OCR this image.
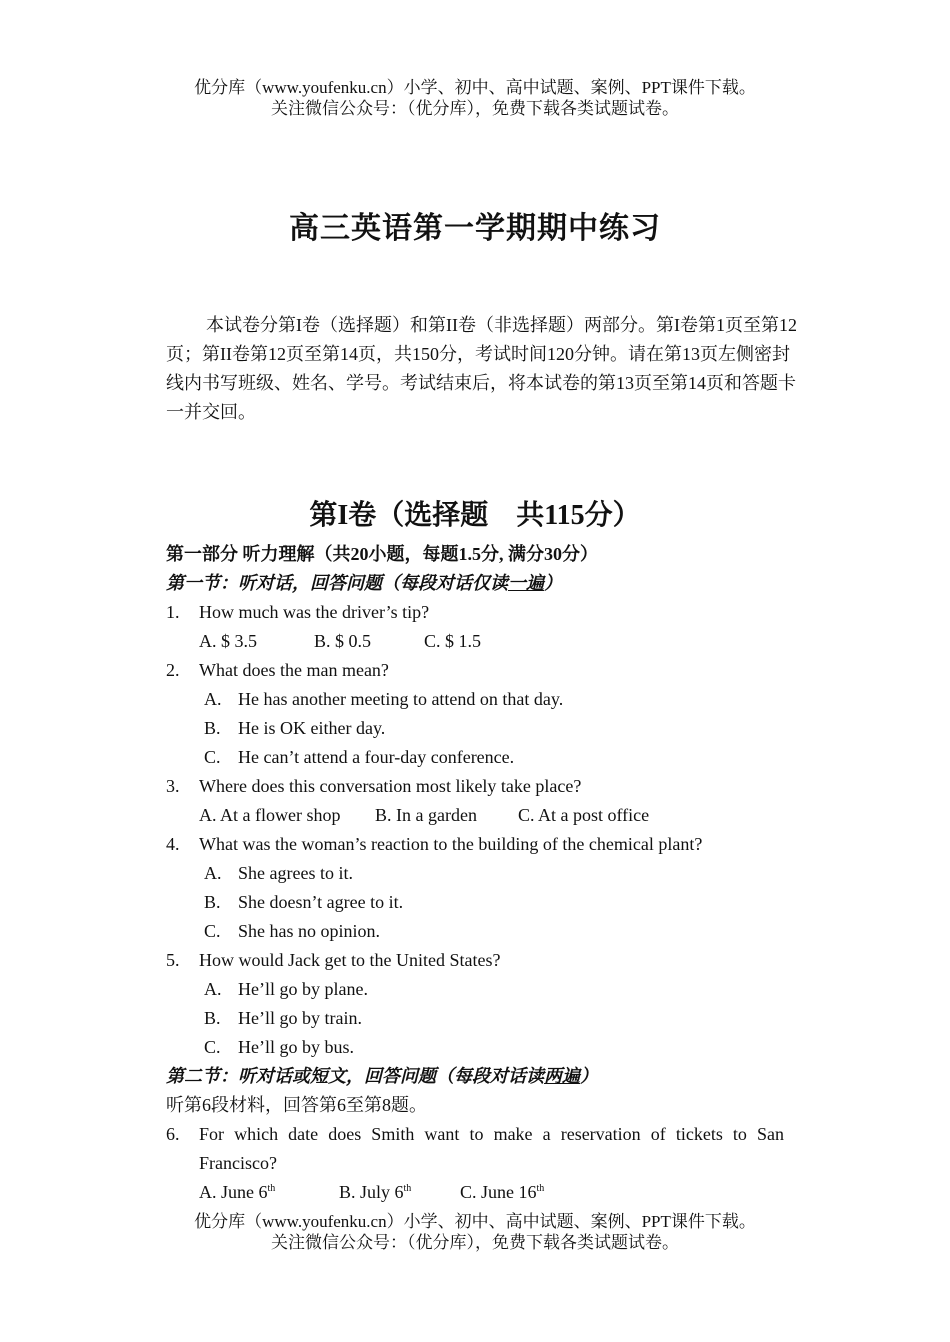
优分库（www.youfenku.cn）小学、初中、高中试题、案例、PPT课件下载。
关注微信公众号：（优分库），免费下载各类试题试卷。
高三英语第一学期期中练习

本试卷分第I卷（选择题）和第II卷（非选择题）两部分。第I卷第1页至第12页；第II卷第12页至第14页，共150分，考试时间120分钟。请在第13页左侧密封线内书写班级、姓名、学号。考试结束后，将本试卷的第13页至第14页和答题卡一并交回。

第I卷（选择题　共115分）
第一部分 听力理解（共20小题，每题1.5分, 满分30分）
第一节：听对话，回答问题（每段对话仅读一遍）
1. How much was the driver’s tip?
A. $ 3.5	B. $ 0.5	C. $ 1.5
2. What does the man mean?
A. He has another meeting to attend on that day.
B. He is OK either day.
C. He can’t attend a four-day conference.
3. Where does this conversation most likely take place?
A. At a flower shop B. In a garden C. At a post office
4. What was the woman’s reaction to the building of the chemical plant?
A. She agrees to it.
B. She doesn’t agree to it.
C. She has no opinion.
5. How would Jack get to the United States?
A. He’ll go by plane.
B. He’ll go by train.
C. He’ll go by bus.
第二节：听对话或短文，回答问题（每段对话读两遍）
听第6段材料，回答第6至第8题。
6. For which date does Smith want to make a reservation of tickets to San Francisco?
A. June 6th	B. July 6th	C. June 16th
优分库（www.youfenku.cn）小学、初中、高中试题、案例、PPT课件下载。
关注微信公众号：（优分库），免费下载各类试题试卷。
